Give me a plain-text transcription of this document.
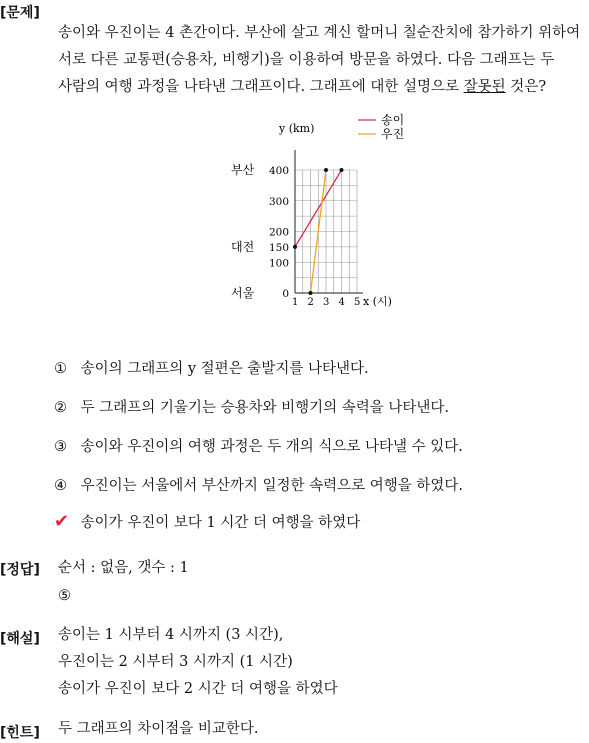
[문제]
송이와 우진이는 4 촌간이다. 부산에 살고 계신 할머니 칠순잔치에 참가하기 위하여
서로 다른 교통편(승용차, 비행기)을 이용하여 방문을 하였다. 다음 그래프는 두
사람의 여행 과정을 나타낸 그래프이다. 그래프에 대한 설명으로 잘못된 것은?
y (km)
x (시)
1 2 3 4 5
0
100
150
200
300
400
부산
대전
서울
송이
우진
① 송이의 그래프의 y 절편은 출발지를 나타낸다.
② 두 그래프의 기울기는 승용차와 비행기의 속력을 나타낸다.
③ 송이와 우진이의 여행 과정은 두 개의 식으로 나타낼 수 있다.
④ 우진이는 서울에서 부산까지 일정한 속력으로 여행을 하였다.
✔ 송이가 우진이 보다 1 시간 더 여행을 하였다
[정답] 순서 : 없음, 갯수 : 1
⑤
[해설] 송이는 1 시부터 4 시까지 (3 시간),
우진이는 2 시부터 3 시까지 (1 시간)
송이가 우진이 보다 2 시간 더 여행을 하였다
[힌트] 두 그래프의 차이점을 비교한다.
